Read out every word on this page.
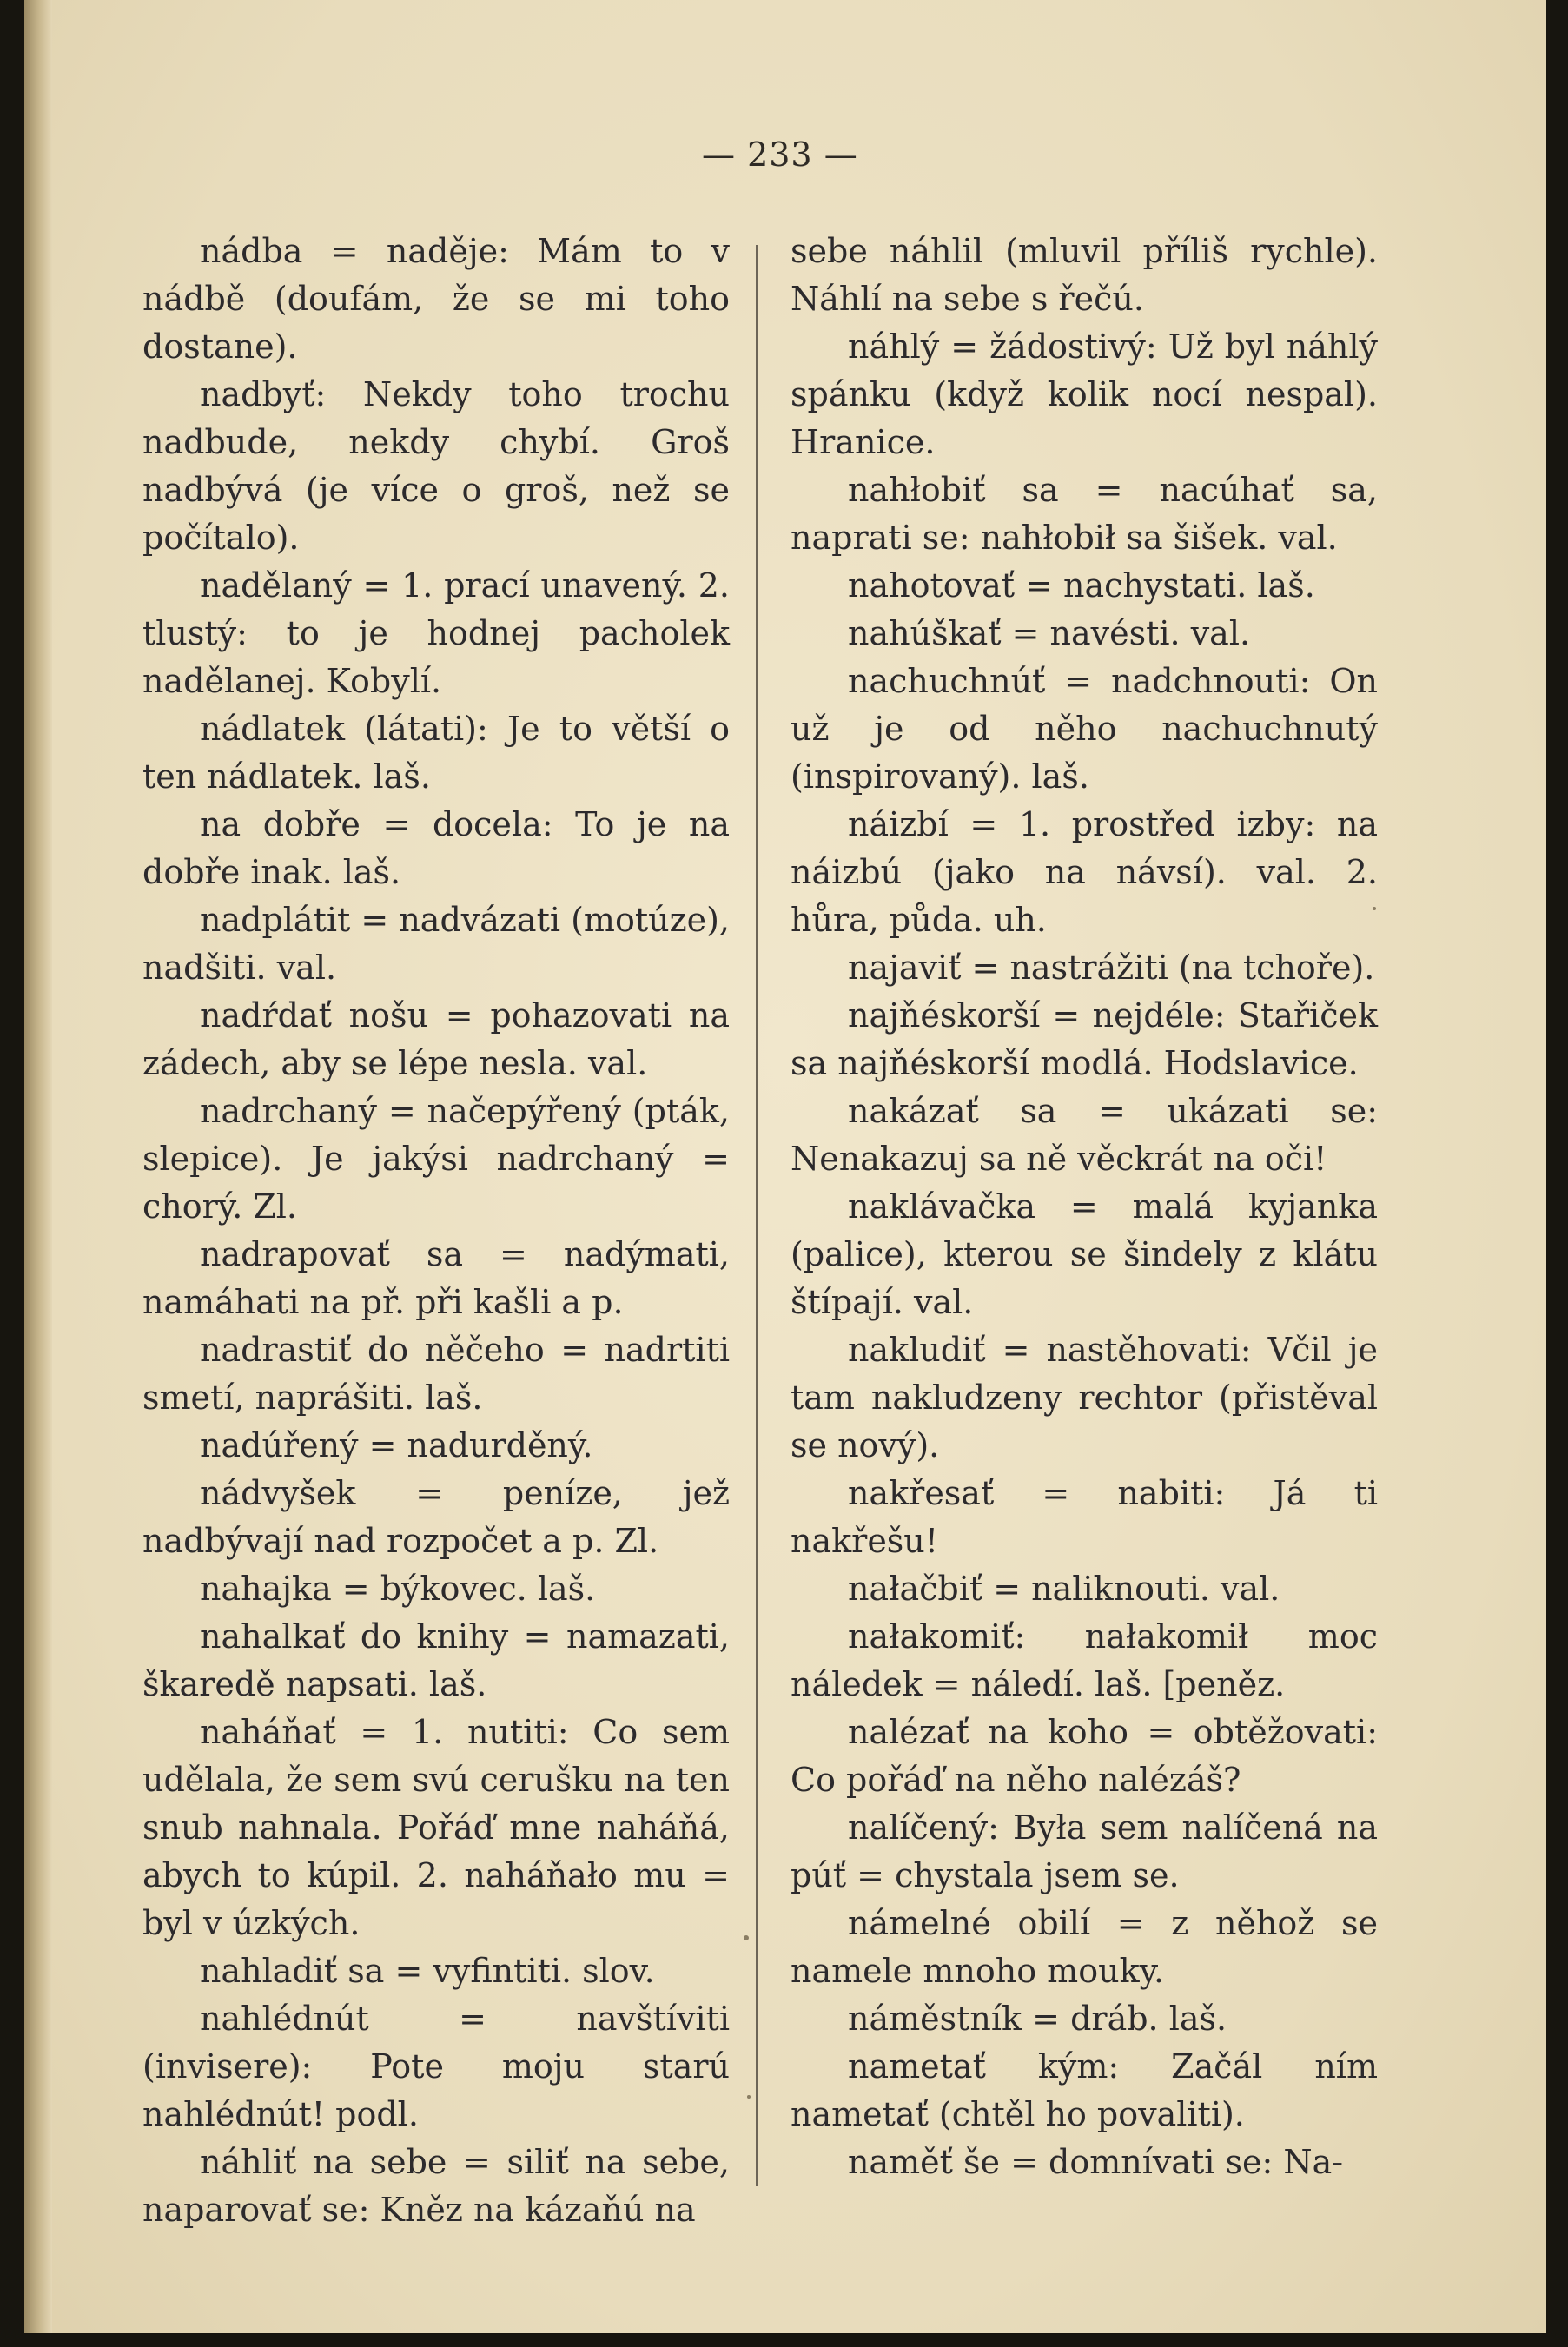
— 233 —

nádba = naděje: Mám to v nádbě (doufám, že se mi toho dostane).

nadbyť: Nekdy toho trochu nadbude, nekdy chybí. Groš nadbývá (je více o groš, než se počítalo).

nadělaný = 1. prací unavený. 2. tlustý: to je hodnej pacholek nadělanej. Kobylí.

nádlatek (látati): Je to větší o ten nádlatek. laš.

na dobře = docela: To je na dobře inak. laš.

nadplátit = nadvázati (motúze), nadšiti. val.

nadŕdať nošu = pohazovati na zádech, aby se lépe nesla. val.

nadrchaný = načepýřený (pták, slepice). Je jakýsi nadrchaný = chorý. Zl.

nadrapovať sa = nadýmati, namáhati na př. při kašli a p.

nadrastiť do něčeho = nadrtiti smetí, naprášiti. laš.

nadúřený = nadurděný.

nádvyšek = peníze, jež nadbývají nad rozpočet a p. Zl.

nahajka = býkovec. laš.

nahalkať do knihy = namazati, škaredě napsati. laš.

naháňať = 1. nutiti: Co sem udělala, že sem svú cerušku na ten snub nahnala. Pořáď mne naháňá, abych to kúpil. 2. naháňało mu = byl v úzkých.

nahladiť sa = vyfintiti. slov.

nahlédnút = navštíviti (invisere): Pote moju starú nahlédnút! podl.

náhliť na sebe = siliť na sebe, naparovať se: Kněz na kázaňú na

sebe náhlil (mluvil příliš rychle). Náhlí na sebe s řečú.

náhlý = žádostivý: Už byl náhlý spánku (když kolik nocí nespal). Hranice.

nahłobiť sa = nacúhať sa, naprati se: nahłobił sa šišek. val.

nahotovať = nachystati. laš.

nahúškať = navésti. val.

nachuchnúť = nadchnouti: On už je od něho nachuchnutý (inspirovaný). laš.

náizbí = 1. prostřed izby: na náizbú (jako na návsí). val. 2. hůra, půda. uh.

najaviť = nastrážiti (na tchoře).

najňéskorší = nejdéle: Stařiček sa najňéskorší modlá. Hodslavice.

nakázať sa = ukázati se: Nenakazuj sa ně věckrát na oči!

naklávačka = malá kyjanka (palice), kterou se šindely z klátu štípají. val.

nakludiť = nastěhovati: Včil je tam nakludzeny rechtor (přistěval se nový).

nakřesať = nabiti: Já ti nakřešu!

nałačbiť = naliknouti. val.

nałakomiť: nałakomił moc náledek = náledí. laš. [peněz.

nalézať na koho = obtěžovati: Co pořáď na něho nalézáš?

nalíčený: Była sem nalíčená na púť = chystala jsem se.

námelné obilí = z něhož se namele mnoho mouky.

náměstník = dráb. laš.

nametať kým: Začál ním nametať (chtěl ho povaliti).

naměť še = domnívati se: Na-
